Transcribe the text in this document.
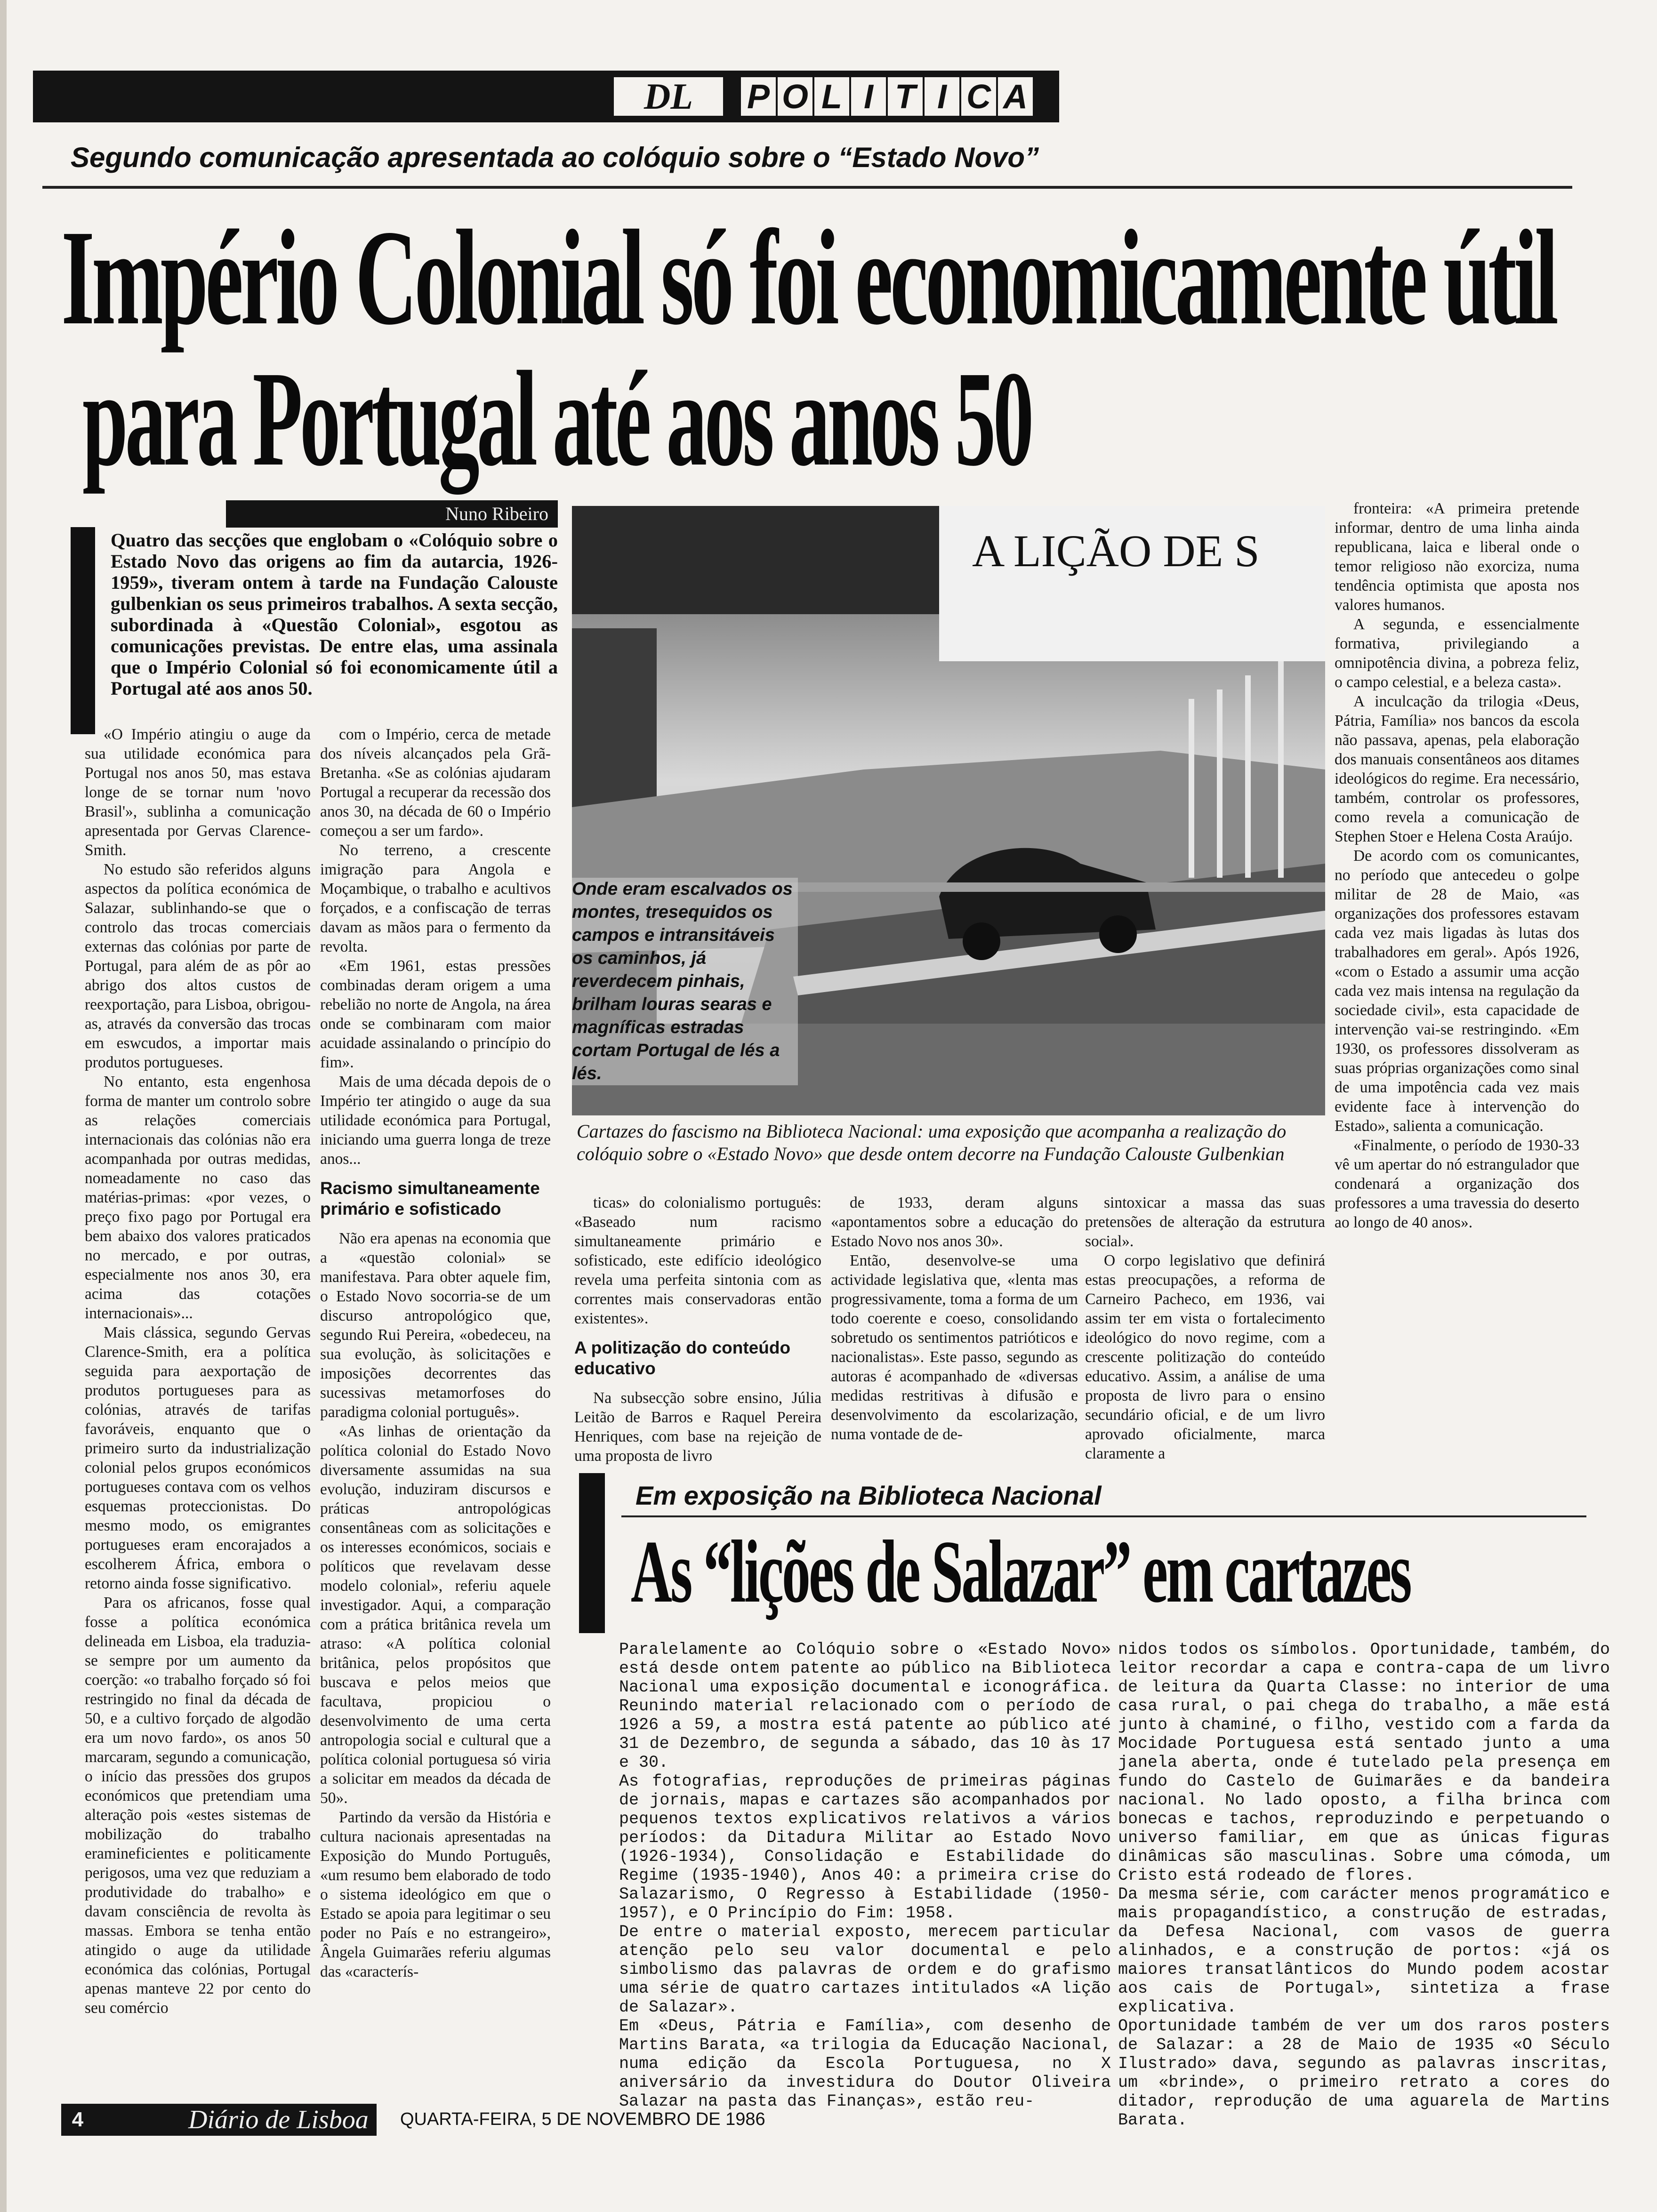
DL	P O L I T I C A
Segundo comunicação apresentada ao colóquio sobre o “Estado Novo”
Império Colonial só foi economicamente útil
para Portugal até aos anos 50
Nuno Ribeiro
Quatro das secções que englobam o «Colóquio sobre o Estado Novo das origens ao fim da autarcia, 1926-1959», tiveram ontem à tarde na Fundação Calouste gulbenkian os seus primeiros trabalhos. A sexta secção, subordinada à «Questão Colonial», esgotou as comunicações previstas. De entre elas, uma assinala que o Império Colonial só foi economicamente útil a Portugal até aos anos 50.

«O Império atingiu o auge da sua utilidade económica para Portugal nos anos 50, mas estava longe de se tornar num 'novo Brasil'», sublinha a comunicação apresentada por Gervas Clarence-Smith.

No estudo são referidos alguns aspectos da política económica de Salazar, sublinhando-se que o controlo das trocas comerciais externas das colónias por parte de Portugal, para além de as pôr ao abrigo dos altos custos de reexportação, para Lisboa, obrigou-as, através da conversão das trocas em eswcudos, a importar mais produtos portugueses.

No entanto, esta engenhosa forma de manter um controlo sobre as relações comerciais internacionais das colónias não era acompanhada por outras medidas, nomeadamente no caso das matérias-primas: «por vezes, o preço fixo pago por Portugal era bem abaixo dos valores praticados no mercado, e por outras, especialmente nos anos 30, era acima das cotações internacionais»...

Mais clássica, segundo Gervas Clarence-Smith, era a política seguida para aexportação de produtos portugueses para as colónias, através de tarifas favoráveis, enquanto que o primeiro surto da industrialização colonial pelos grupos económicos portugueses contava com os velhos esquemas proteccionistas. Do mesmo modo, os emigrantes portugueses eram encorajados a escolherem África, embora o retorno ainda fosse significativo.

Para os africanos, fosse qual fosse a política económica delineada em Lisboa, ela traduzia-se sempre por um aumento da coerção: «o trabalho forçado só foi restringido no final da década de 50, e a cultivo forçado de algodão era um novo fardo», os anos 50 marcaram, segundo a comunicação, o início das pressões dos grupos económicos que pretendiam uma alteração pois «estes sistemas de mobilização do trabalho eramineficientes e politicamente perigosos, uma vez que reduziam a produtividade do trabalho» e davam consciência de revolta às massas. Embora se tenha então atingido o auge da utilidade económica das colónias, Portugal apenas manteve 22 por cento do seu comércio

com o Império, cerca de metade dos níveis alcançados pela Grã-Bretanha. «Se as colónias ajudaram Portugal a recuperar da recessão dos anos 30, na década de 60 o Império começou a ser um fardo».

No terreno, a crescente imigração para Angola e Moçambique, o trabalho e acultivos forçados, e a confiscação de terras davam as mãos para o fermento da revolta.

«Em 1961, estas pressões combinadas deram origem a uma rebelião no norte de Angola, na área onde se combinaram com maior acuidade assinalando o princípio do fim».

Mais de uma década depois de o Império ter atingido o auge da sua utilidade económica para Portugal, iniciando uma guerra longa de treze anos...

Racismo simultaneamente primário e sofisticado

Não era apenas na economia que a «questão colonial» se manifestava. Para obter aquele fim, o Estado Novo socorria-se de um discurso antropológico que, segundo Rui Pereira, «obedeceu, na sua evolução, às solicitações e imposições decorrentes das sucessivas metamorfoses do paradigma colonial português».

«As linhas de orientação da política colonial do Estado Novo diversamente assumidas na sua evolução, induziram discursos e práticas antropológicas consentâneas com as solicitações e os interesses económicos, sociais e políticos que revelavam desse modelo colonial», referiu aquele investigador. Aqui, a comparação com a prática britânica revela um atraso: «A política colonial britânica, pelos propósitos que buscava e pelos meios que facultava, propiciou o desenvolvimento de uma certa antropologia social e cultural que a política colonial portuguesa só viria a solicitar em meados da década de 50».

Partindo da versão da História e cultura nacionais apresentadas na Exposição do Mundo Português, «um resumo bem elaborado de todo o sistema ideológico em que o Estado se apoia para legitimar o seu poder no País e no estrangeiro», Ângela Guimarães referiu algumas das «caracterís-

A LIÇÃO DE S
Onde eram escalvados os montes, tresequidos os campos e intransitáveis os caminhos, já reverdecem pinhais, brilham louras searas e magníficas estradas cortam Portugal de lés a lés.
Cartazes do fascismo na Biblioteca Nacional: uma exposição que acompanha a realização do colóquio sobre o «Estado Novo» que desde ontem decorre na Fundação Calouste Gulbenkian

ticas» do colonialismo português: «Baseado num racismo simultaneamente primário e sofisticado, este edifício ideológico revela uma perfeita sintonia com as correntes mais conservadoras então existentes».

A politização do conteúdo educativo

Na subsecção sobre ensino, Júlia Leitão de Barros e Raquel Pereira Henriques, com base na rejeição de uma proposta de livro

de 1933, deram alguns «apontamentos sobre a educação do Estado Novo nos anos 30».

Então, desenvolve-se uma actividade legislativa que, «lenta mas progressivamente, toma a forma de um todo coerente e coeso, consolidando sobretudo os sentimentos patrióticos e nacionalistas». Este passo, segundo as autoras é acompanhado de «diversas medidas restritivas à difusão e desenvolvimento da escolarização, numa vontade de de-

sintoxicar a massa das suas pretensões de alteração da estrutura social».

O corpo legislativo que definirá estas preocupações, a reforma de Carneiro Pacheco, em 1936, vai assim ter em vista o fortalecimento ideológico do novo regime, com a crescente politização do conteúdo educativo. Assim, a análise de uma proposta de livro para o ensino secundário oficial, e de um livro aprovado oficialmente, marca claramente a

fronteira: «A primeira pretende informar, dentro de uma linha ainda republicana, laica e liberal onde o temor religioso não exorciza, numa tendência optimista que aposta nos valores humanos.

A segunda, e essencialmente formativa, privilegiando a omnipotência divina, a pobreza feliz, o campo celestial, e a beleza casta».

A inculcação da trilogia «Deus, Pátria, Família» nos bancos da escola não passava, apenas, pela elaboração dos manuais consentâneos aos ditames ideológicos do regime. Era necessário, também, controlar os professores, como revela a comunicação de Stephen Stoer e Helena Costa Araújo.

De acordo com os comunicantes, no período que antecedeu o golpe militar de 28 de Maio, «as organizações dos professores estavam cada vez mais ligadas às lutas dos trabalhadores em geral». Após 1926, «com o Estado a assumir uma acção cada vez mais intensa na regulação da sociedade civil», esta capacidade de intervenção vai-se restringindo. «Em 1930, os professores dissolveram as suas próprias organizações como sinal de uma impotência cada vez mais evidente face à intervenção do Estado», salienta a comunicação.

«Finalmente, o período de 1930-33 vê um apertar do nó estrangulador que condenará a organização dos professores a uma travessia do deserto ao longo de 40 anos».

Em exposição na Biblioteca Nacional
As “lições de Salazar” em cartazes

Paralelamente ao Colóquio sobre o «Estado Novo» está desde ontem patente ao público na Biblioteca Nacional uma exposição documental e iconográfica. Reunindo material relacionado com o período de 1926 a 59, a mostra está patente ao público até 31 de Dezembro, de segunda a sábado, das 10 às 17 e 30.

As fotografias, reproduções de primeiras páginas de jornais, mapas e cartazes são acompanhados por pequenos textos explicativos relativos a vários períodos: da Ditadura Militar ao Estado Novo (1926-1934), Consolidação e Estabilidade do Regime (1935-1940), Anos 40: a primeira crise do Salazarismo, O Regresso à Estabilidade (1950-1957), e O Princípio do Fim: 1958.

De entre o material exposto, merecem particular atenção pelo seu valor documental e pelo simbolismo das palavras de ordem e do grafismo uma série de quatro cartazes intitulados «A lição de Salazar».

Em «Deus, Pátria e Família», com desenho de Martins Barata, «a trilogia da Educação Nacional, numa edição da Escola Portuguesa, no X aniversário da investidura do Doutor Oliveira Salazar na pasta das Finanças», estão reu-

nidos todos os símbolos. Oportunidade, também, do leitor recordar a capa e contra-capa de um livro de leitura da Quarta Classe: no interior de uma casa rural, o pai chega do trabalho, a mãe está junto à chaminé, o filho, vestido com a farda da Mocidade Portuguesa está sentado junto a uma janela aberta, onde é tutelado pela presença em fundo do Castelo de Guimarães e da bandeira nacional. No lado oposto, a filha brinca com bonecas e tachos, reproduzindo e perpetuando o universo familiar, em que as únicas figuras dinâmicas são masculinas. Sobre uma cómoda, um Cristo está rodeado de flores.

Da mesma série, com carácter menos programático e mais propagandístico, a construção de estradas, da Defesa Nacional, com vasos de guerra alinhados, e a construção de portos: «já os maiores transatlânticos do Mundo podem acostar aos cais de Portugal», sintetiza a frase explicativa.

Oportunidade também de ver um dos raros posters de Salazar: a 28 de Maio de 1935 «O Século Ilustrado» dava, segundo as palavras inscritas, um «brinde», o primeiro retrato a cores do ditador, reprodução de uma aguarela de Martins Barata.

4	Diário de Lisboa QUARTA-FEIRA, 5 DE NOVEMBRO DE 1986
